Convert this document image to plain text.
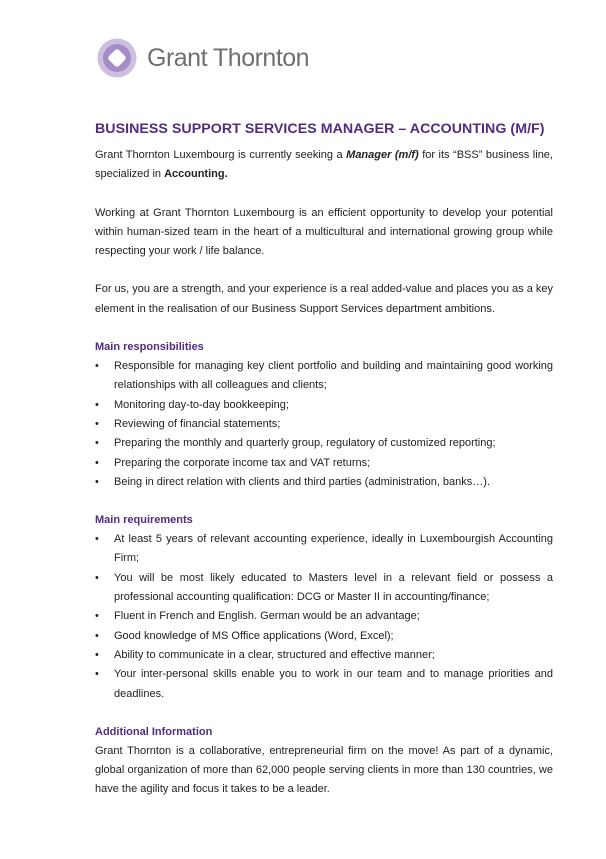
Grant Thornton
BUSINESS SUPPORT SERVICES MANAGER – ACCOUNTING (M/F)

Grant Thornton Luxembourg is currently seeking a Manager (m/f) for its “BSS” business line, specialized in Accounting.

Working at Grant Thornton Luxembourg is an efficient opportunity to develop your potential within human-sized team in the heart of a multicultural and international growing group while respecting your work / life balance.

For us, you are a strength, and your experience is a real added-value and places you as a key element in the realisation of our Business Support Services department ambitions.

Main responsibilities
• Responsible for managing key client portfolio and building and maintaining good working relationships with all colleagues and clients;
• Monitoring day-to-day bookkeeping;
• Reviewing of financial statements;
• Preparing the monthly and quarterly group, regulatory of customized reporting;
• Preparing the corporate income tax and VAT returns;
• Being in direct relation with clients and third parties (administration, banks…).
Main requirements
• At least 5 years of relevant accounting experience, ideally in Luxembourgish Accounting Firm;
• You will be most likely educated to Masters level in a relevant field or possess a professional accounting qualification: DCG or Master II in accounting/finance;
• Fluent in French and English. German would be an advantage;
• Good knowledge of MS Office applications (Word, Excel);
• Ability to communicate in a clear, structured and effective manner;
• Your inter-personal skills enable you to work in our team and to manage priorities and deadlines.
Additional Information

Grant Thornton is a collaborative, entrepreneurial firm on the move! As part of a dynamic, global organization of more than 62,000 people serving clients in more than 130 countries, we have the agility and focus it takes to be a leader.
